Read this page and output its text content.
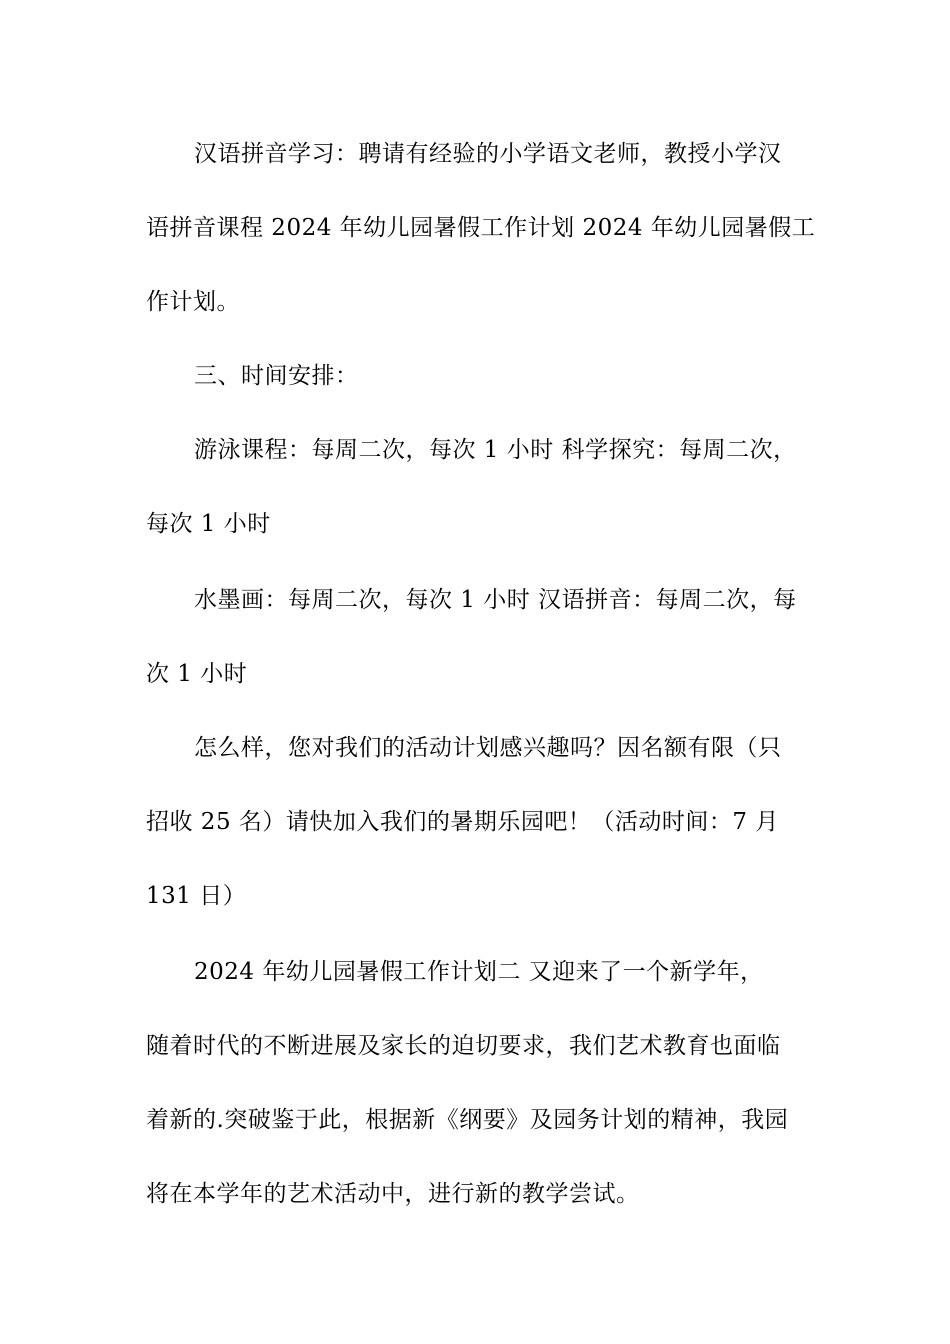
汉语拼音学习：聘请有经验的小学语文老师，教授小学汉
语拼音课程 2024 年幼儿园暑假工作计划 2024 年幼儿园暑假工
作计划。
三、时间安排：
游泳课程：每周二次，每次 1 小时 科学探究：每周二次，
每次 1 小时
水墨画：每周二次，每次 1 小时 汉语拼音：每周二次，每
次 1 小时
怎么样，您对我们的活动计划感兴趣吗？因名额有限（只
招收 25 名）请快加入我们的暑期乐园吧！（活动时间：7 月
131 日）
2024 年幼儿园暑假工作计划二 又迎来了一个新学年，
随着时代的不断进展及家长的迫切要求，我们艺术教育也面临
着新的.突破鉴于此，根据新《纲要》及园务计划的精神，我园
将在本学年的艺术活动中，进行新的教学尝试。
